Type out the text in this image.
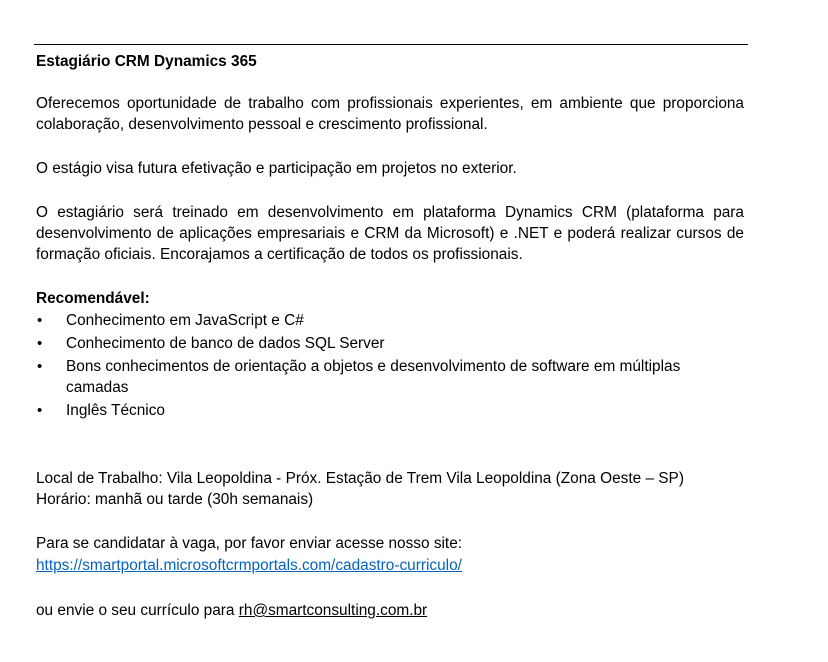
Estagiário CRM Dynamics 365

Oferecemos oportunidade de trabalho com profissionais experientes, em ambiente que proporciona colaboração, desenvolvimento pessoal e crescimento profissional.

O estágio visa futura efetivação e participação em projetos no exterior.

O estagiário será treinado em desenvolvimento em plataforma Dynamics CRM (plataforma para desenvolvimento de aplicações empresariais e CRM da Microsoft) e .NET e poderá realizar cursos de formação oficiais. Encorajamos a certificação de todos os profissionais.

Recomendável:

•	Conhecimento em JavaScript e C#
•	Conhecimento de banco de dados SQL Server
•	Bons conhecimentos de orientação a objetos e desenvolvimento de software em múltiplas camadas
•	Inglês Técnico

Local de Trabalho: Vila Leopoldina - Próx. Estação de Trem Vila Leopoldina (Zona Oeste – SP)

Horário: manhã ou tarde (30h semanais)

Para se candidatar à vaga, por favor enviar acesse nosso site:

https://smartportal.microsoftcrmportals.com/cadastro-curriculo/

ou envie o seu currículo para rh@smartconsulting.com.br
